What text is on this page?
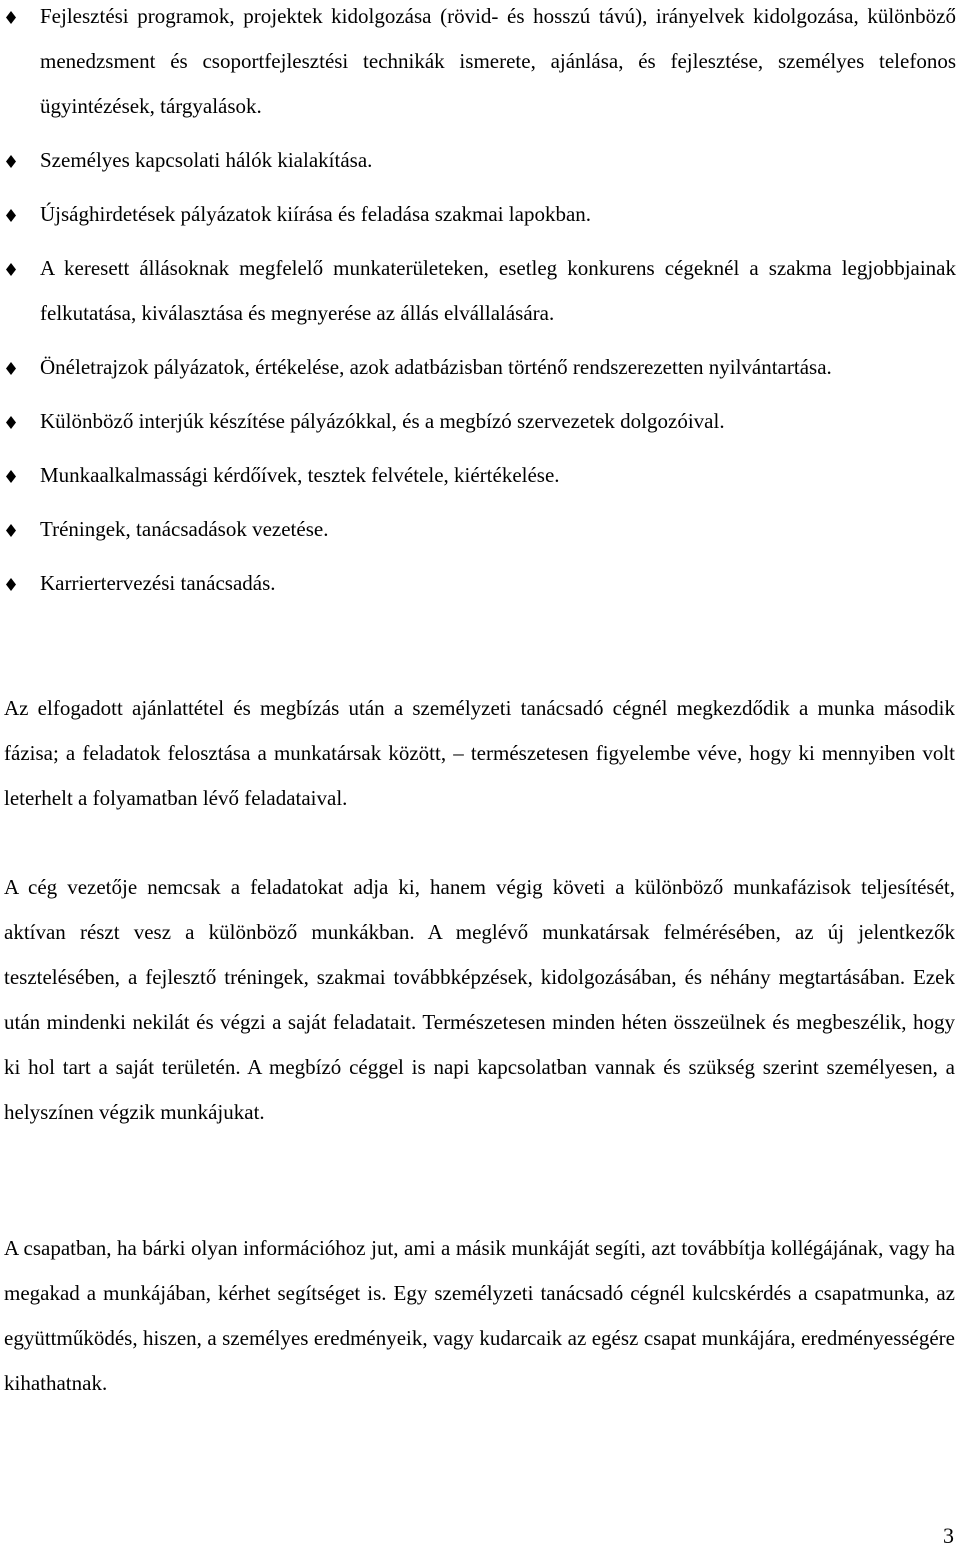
Fejlesztési programok, projektek kidolgozása (rövid- és hosszú távú), irányelvek kidolgozása, különböző menedzsment és csoportfejlesztési technikák ismerete, ajánlása, és fejlesztése, személyes telefonos ügyintézések, tárgyalások.
Személyes kapcsolati hálók kialakítása.
Újsághirdetések pályázatok kiírása és feladása szakmai lapokban.
A keresett állásoknak megfelelő munkaterületeken, esetleg konkurens cégeknél a szakma legjobbjainak felkutatása, kiválasztása és megnyerése az állás elvállalására.
Önéletrajzok pályázatok, értékelése, azok adatbázisban történő rendszerezetten nyilvántartása.
Különböző interjúk készítése pályázókkal, és a megbízó szervezetek dolgozóival.
Munkaalkalmassági kérdőívek, tesztek felvétele, kiértékelése.
Tréningek, tanácsadások vezetése.
Karriertervezési tanácsadás.

Az elfogadott ajánlattétel és megbízás után a személyzeti tanácsadó cégnél megkezdődik a munka második fázisa; a feladatok felosztása a munkatársak között, – természetesen figyelembe véve, hogy ki mennyiben volt leterhelt a folyamatban lévő feladataival.

A cég vezetője nemcsak a feladatokat adja ki, hanem végig követi a különböző munkafázisok teljesítését, aktívan részt vesz a különböző munkákban. A meglévő munkatársak felmérésében, az új jelentkezők tesztelésében, a fejlesztő tréningek, szakmai továbbképzések, kidolgozásában, és néhány megtartásában. Ezek után mindenki nekilát és végzi a saját feladatait. Természetesen minden héten összeülnek és megbeszélik, hogy ki hol tart a saját területén. A megbízó céggel is napi kapcsolatban vannak és szükség szerint személyesen, a helyszínen végzik munkájukat.

A csapatban, ha bárki olyan információhoz jut, ami a másik munkáját segíti, azt továbbítja kollégájának, vagy ha megakad a munkájában, kérhet segítséget is. Egy személyzeti tanácsadó cégnél kulcskérdés a csapatmunka, az együttműködés, hiszen, a személyes eredményeik, vagy kudarcaik az egész csapat munkájára, eredményességére kihathatnak.

3
